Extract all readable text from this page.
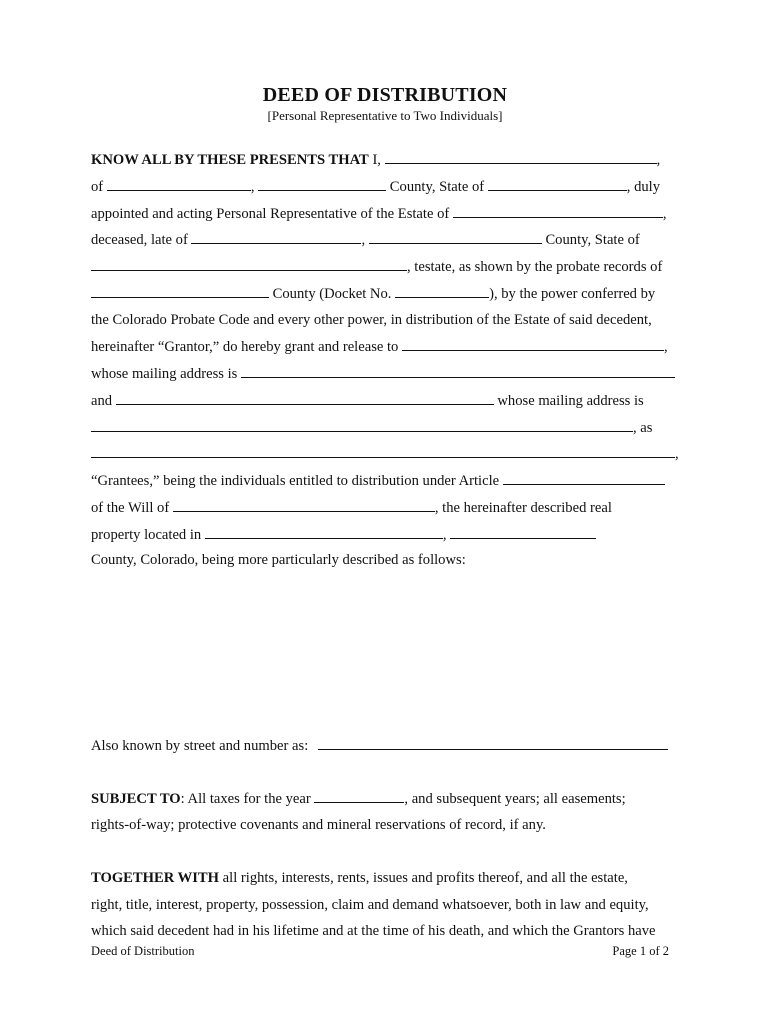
DEED OF DISTRIBUTION
[Personal Representative to Two Individuals]
KNOW ALL BY THESE PRESENTS THAT I,	,
of	,	County, State of	, duly
appointed and acting Personal Representative of the Estate of	,
deceased, late of	,	County, State of
, testate, as shown by the probate records of
County (Docket No.	), by the power conferred by
the Colorado Probate Code and every other power, in distribution of the Estate of said decedent,
hereinafter “Grantor,” do hereby grant and release to	,
whose mailing address is
and	whose mailing address is
, as
,
“Grantees,” being the individuals entitled to distribution under Article
of the Will of	, the hereinafter described real
property located in	,
County, Colorado, being more particularly described as follows:
Also known by street and number as:
SUBJECT TO: All taxes for the year	, and subsequent years; all easements;
rights-of-way; protective covenants and mineral reservations of record, if any.
TOGETHER WITH all rights, interests, rents, issues and profits thereof, and all the estate,
right, title, interest, property, possession, claim and demand whatsoever, both in law and equity,
which said decedent had in his lifetime and at the time of his death, and which the Grantors have
Deed of Distribution	Page 1 of 2
